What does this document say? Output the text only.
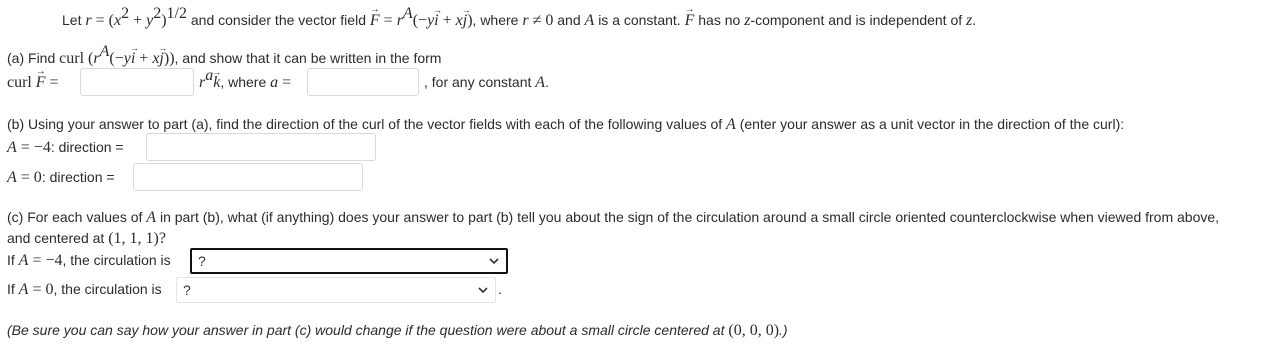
Let $r = (x^2 + y^2)^{1/2}$ and consider the vector field → $F = r^A(-y\to i + x\to j)$, where r ≠ 0 and A is a constant. → F has no z-component and is independent of z.
(a) Find curl $(r^A(-y\to i + x\to j))$, and show that it can be written in the form
curl → F =	$r^a\to k$, where a =	, for any constant A.
(b) Using your answer to part (a), find the direction of the curl of the vector fields with each of the following values of A (enter your answer as a unit vector in the direction of the curl):
A = −4: direction =
A = 0: direction =
(c) For each values of A in part (b), what (if anything) does your answer to part (b) tell you about the sign of the circulation around a small circle oriented counterclockwise when viewed from above,
and centered at (1, 1, 1)?
If A = −4, the circulation is ?
If A = 0, the circulation is ?	.
(Be sure you can say how your answer in part (c) would change if the question were about a small circle centered at (0, 0, 0).)
